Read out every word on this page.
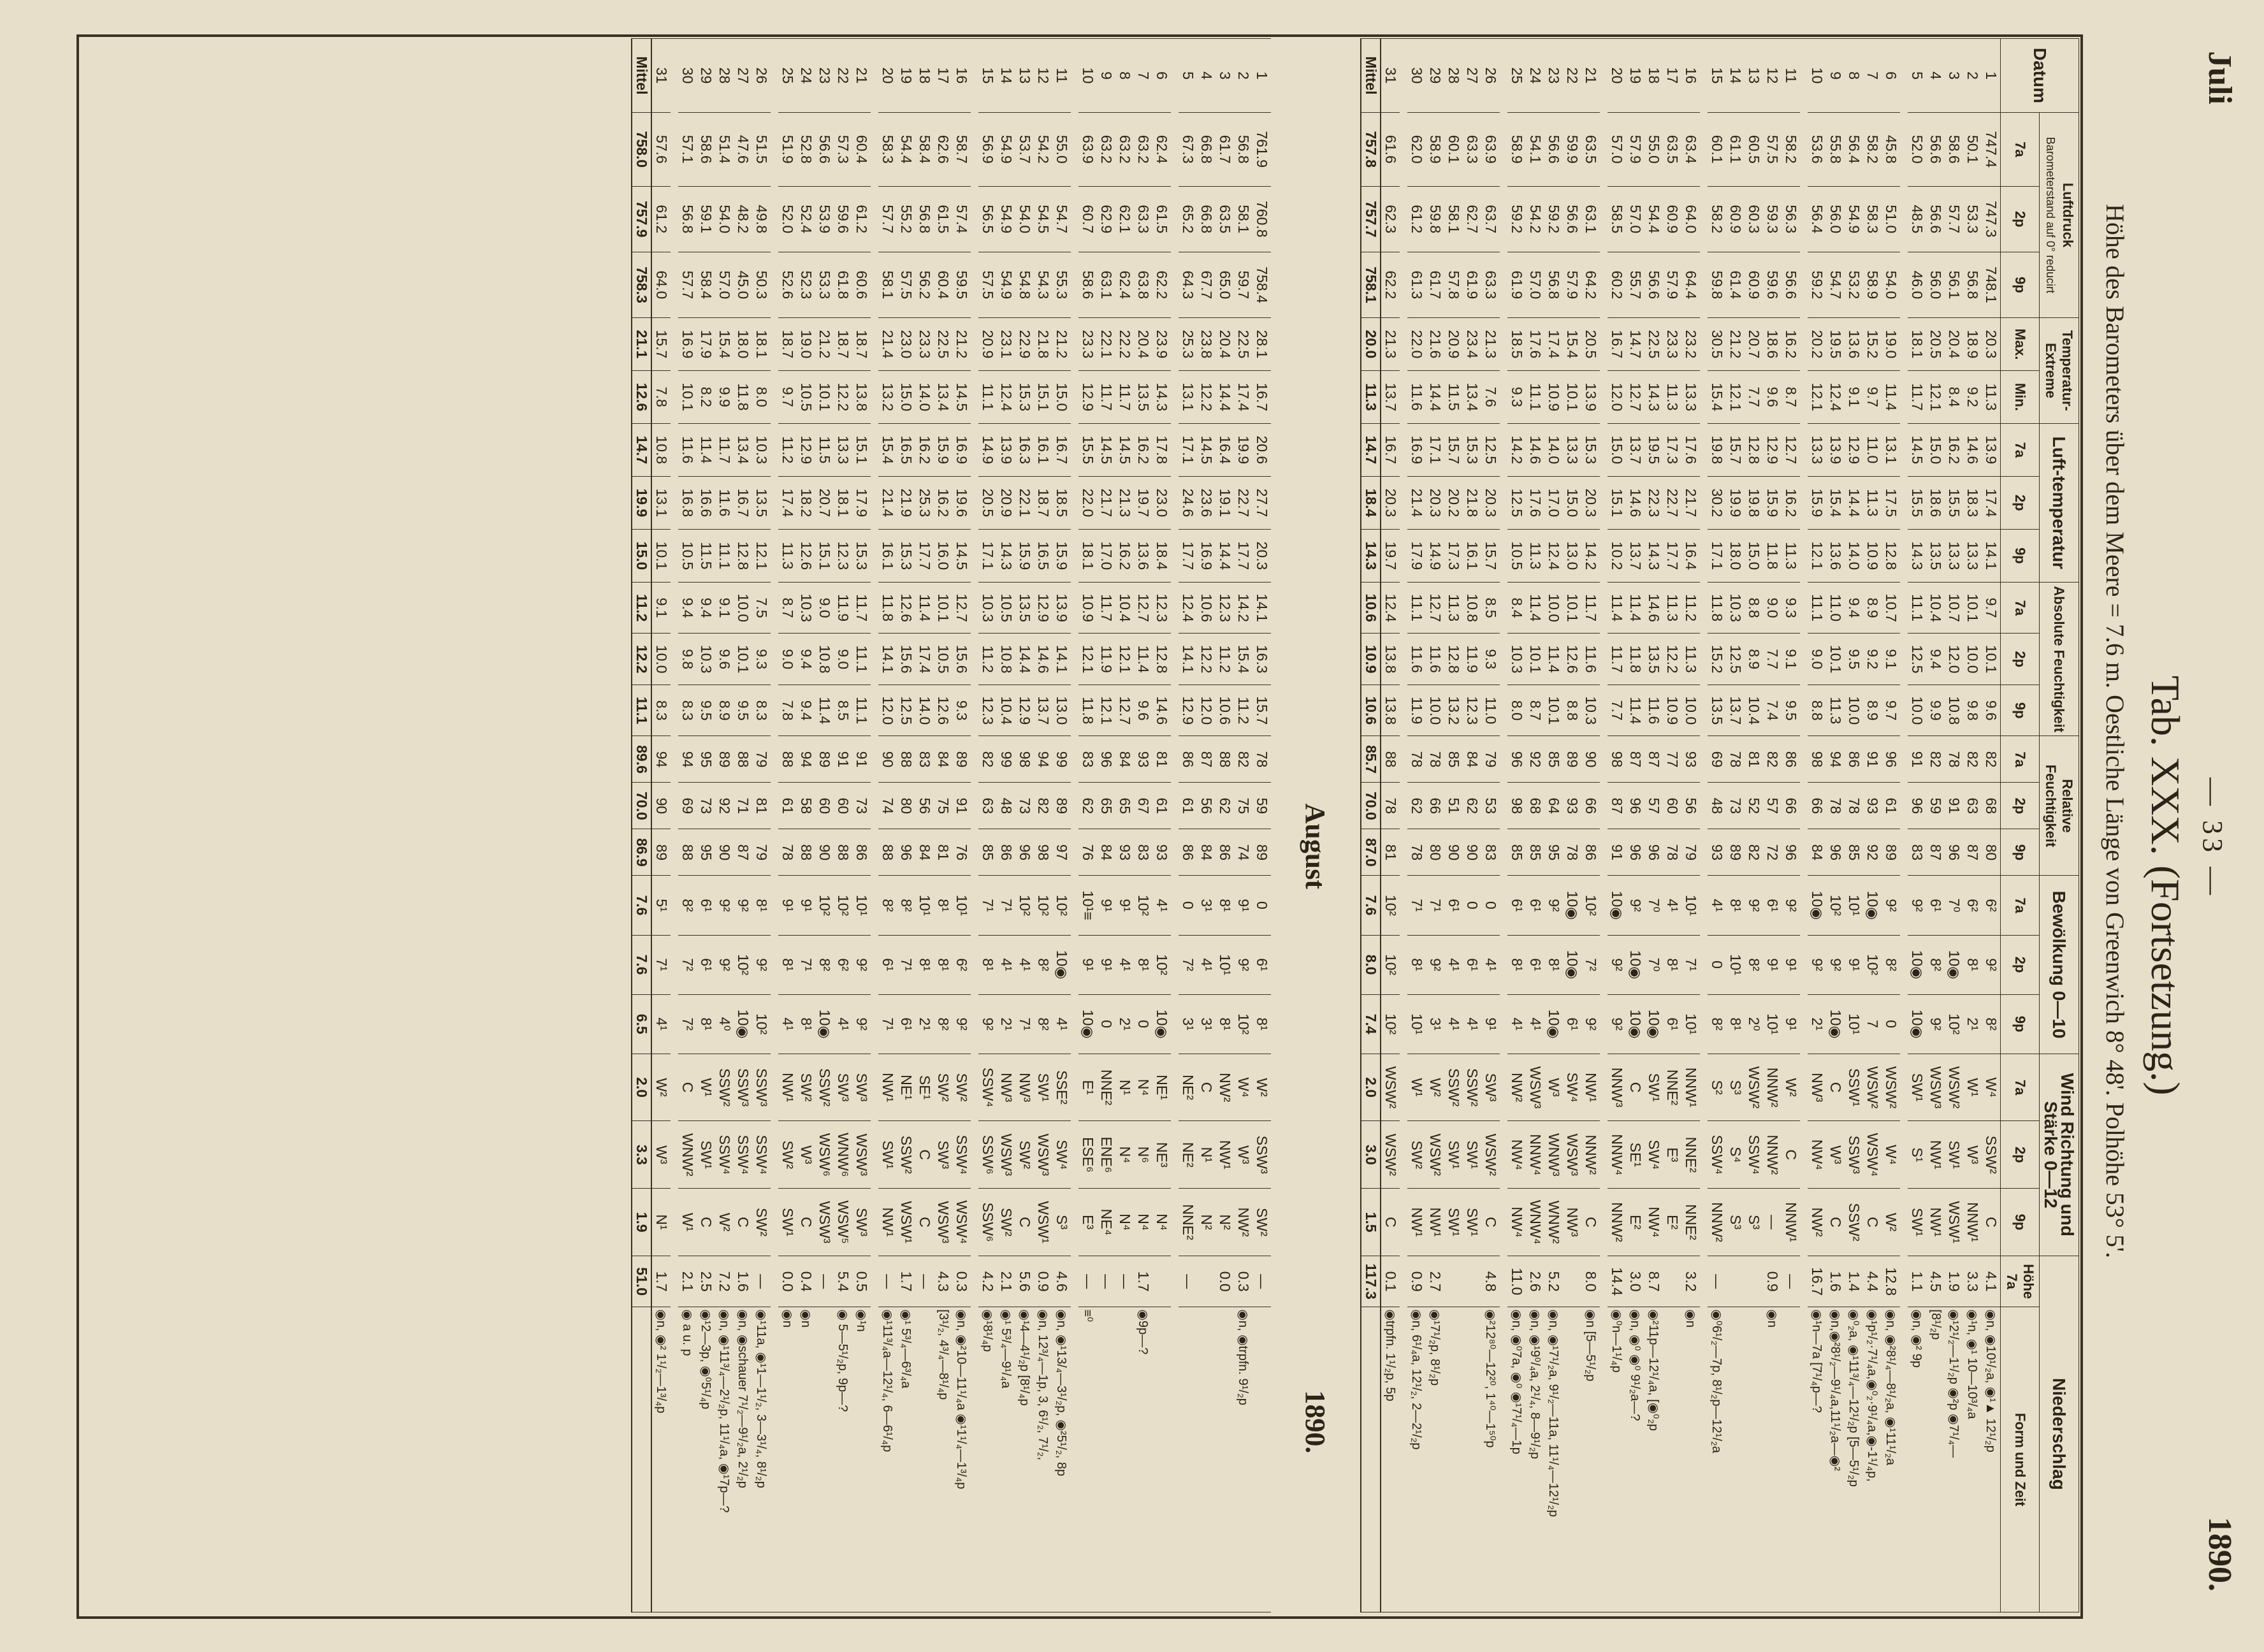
Juli
— 33 —
1890.
Tab. XXX. (Fortsetzung.)
Höhe des Barometers über dem Meere = 7.6 m. Oestliche Länge von Greenwich 8° 48'. Polhöhe 53° 5'.
Datum	Luftdruck
Barometerstand auf 0° reducirt			Temperatur-Extreme		Luft-temperatur			Absolute Feuchtigkeit			Relative Feuchtigkeit			Bewölkung 0—10			Wind Richtung und Stärke 0—12			Niederschlag	
	7a	2p	9p	Max.	Min.	7a	2p	9p	7a	2p	9p	7a	2p	9p	7a	2p	9p	7a	2p	9p	Höhe 7a	Form und Zeit
1	747.4	747.3	748.1	20.3	11.3	13.9	17.4	14.1	9.7	10.1	9.6	82	68	80	6²	9²	8²	W⁴	SSW²	C	4.1	◉n, ◉10¹/₂a, ◉¹▲ 12¹/₂p
2	50.1	53.3	56.8	18.9	9.2	14.6	18.3	13.3	10.1	10.0	9.8	82	63	87	6²	8¹	2¹	W¹	W³	NNW¹	3.3	◉¹n, ◉¹ 10—10³/₄a
3	58.6	57.7	56.1	20.4	8.4	16.2	15.5	13.3	10.7	12.0	10.8	78	91	96	7⁰	10◉	10²	WSW²	SW¹	WSW¹	1.9	◉¹2¹/₂—1¹/₂p ◉²p ◉7¹/₄—
4	56.6	56.6	56.0	20.5	12.1	15.0	18.6	13.5	10.4	9.4	9.9	82	59	87	6¹	8²	9²	WSW³	NW¹	NW¹	4.5	[8¹/₂p
5	52.0	48.5	46.0	18.1	11.7	14.5	15.5	14.3	11.1	12.5	10.0	91	96	83	9²	10◉	10◉	SW¹	S¹	SW¹	1.1	◉n, ◉² 9p

6	45.8	51.0	54.0	19.0	11.4	13.1	17.5	12.8	10.7	9.1	9.7	96	61	89	9²	8²	0	WSW²	W⁴	W²	12.8	◉n, ◉²8¹/₄—8¹/₂a, ◉¹11¹/₂a
7	58.2	58.3	58.9	15.2	9.7	11.0	11.3	10.9	8.9	9.2	8.9	91	93	92	10◉	10²	7	WSW²	WSW⁴	C	4.4	◉¹p¹/₂·7¹/₄a,◉⁰₂·9¹/₄a,◉-1¹/₄p,
8	56.4	54.9	53.2	13.6	9.1	12.9	14.4	14.0	9.4	9.5	10.0	86	78	85	10¹	9¹	10¹	SSW¹	SSW³	SSW²	1.4	◉⁰₂a, ◉¹11³/₄—12¹/₂p [5—5¹/₂p
9	55.8	56.0	54.7	19.5	12.4	13.9	15.4	13.6	11.0	10.1	11.3	94	78	96	10²	9²	10◉	C	W³	C	1.6	◉n,◉²8¹/₂—9¹/₄a,11¹/₂a—◉²
10	53.6	56.4	59.2	20.2	12.1	13.3	15.9	12.1	11.1	9.0	8.8	98	66	84	10◉	9²	2¹	NW³	NW⁴	NW²	16.7	◉¹n—7a [7¹/₄p—?

11	58.2	56.3	56.6	16.2	8.7	12.7	16.2	11.3	9.3	9.1	9.5	86	66	96	9²	9¹	9¹	W²	C	NNW¹	—	
12	57.5	59.3	59.6	18.6	9.6	12.9	15.9	11.8	9.0	7.7	7.4	82	57	72	6¹	9¹	10¹	NNW²	NNW²	—	0.9	◉n
13	60.5	60.3	60.9	20.7	7.7	12.8	19.8	15.0	8.8	8.9	10.4	81	52	82	9²	8²	2⁰	WSW²	SSW⁴	S³		
14	61.1	60.9	61.4	21.2	12.1	15.7	19.9	18.0	10.3	12.5	13.7	78	73	89	8¹	10¹	8¹	S³	S⁴	S³		
15	60.1	58.2	59.8	30.5	15.4	19.8	30.2	17.1	11.8	15.2	13.5	69	48	93	4¹	0	8²	S²	SSW⁴	NNW²	—	◉⁰6¹/₂—7p, 8¹/₂p—12¹/₂a

16	63.4	64.0	64.4	23.2	13.3	17.6	21.7	16.4	11.2	11.3	10.0	93	56	79	10¹	7¹	10¹	NNW¹	NNE²	NNE²	3.2	◉n
17	63.5	60.9	57.9	23.3	11.3	17.3	22.7	17.7	11.3	12.2	10.9	77	60	78	4¹	8¹	6¹	NNE²	E³	E²		
18	55.0	54.4	56.6	22.5	14.3	19.5	22.3	14.3	14.6	13.5	11.6	87	57	96	7⁰	7⁰	10◉	SW¹	SW⁴	NW⁴	8.7	◉²11p—12¹/₄a, [◉⁰₂p
19	57.9	57.0	55.7	14.7	12.7	13.7	14.6	13.7	11.4	11.8	11.4	87	96	96	9²	10◉	10◉	C	SE¹	E²	3.0	◉n, ◉⁰ ◉⁰ 9¹/₂a—?
20	57.0	58.5	60.2	16.7	12.0	15.0	15.1	10.2	11.4	11.7	7.7	98	87	91	10◉	9²	9²	NNW³	NNW⁴	NNW²	14.4	◉⁰n—1¹/₄p

21	63.5	63.1	64.2	20.5	13.9	15.3	20.3	14.2	11.7	11.6	10.3	90	66	86	10²	7²	9²	NW¹	NNW²	C	8.0	◉n [5—5¹/₂p
22	59.9	56.6	57.9	15.4	10.1	13.3	15.0	13.0	10.1	12.6	8.8	89	93	78	10◉	10◉	6¹	SW⁴	WSW³	NW³		
23	56.6	59.2	56.8	17.4	10.9	14.0	17.0	12.4	10.0	11.4	10.1	85	64	95	9²	8¹	10◉	W³	WNW³	WNW²	5.2	◉n, ◉¹7¹/₂a, 9¹/₂—11a, 11¹/₄—12¹/₂p
24	54.1	54.2	57.0	17.6	11.1	14.6	17.6	11.3	11.4	10.1	8.7	92	68	85	6¹	6¹	4¹	WSW³	NNW⁴	WNW⁴	2.6	◉n, ◉¹9⁰/₄a, 2¹/₄, 8—9¹/₂p
25	58.9	59.2	61.9	18.5	9.3	14.2	12.5	10.5	8.4	10.3	8.0	96	98	85	6¹	8¹	4¹	NW²	NW⁴	NW⁴	11.0	◉n, ◉⁰7a, ◉⁰ ◉¹7¹/₄—1p

26	63.9	63.7	63.3	21.3	7.6	12.5	20.3	15.7	8.5	9.3	11.0	79	53	83	0	4¹	9¹	SW³	WSW²	C	4.8	◉²12⁸⁰—12²⁰, 1⁴⁰—1⁵⁰p
27	63.3	62.7	61.9	23.4	13.4	15.3	21.8	16.1	10.8	11.9	12.3	84	62	90	0	6¹	4¹	SSW²	SW¹	SW¹		
28	60.1	58.1	57.8	20.9	11.5	15.7	20.2	17.3	11.3	12.8	13.2	85	51	90	6¹	4¹	4¹	SSW²	SW¹	SW¹		
29	58.9	59.8	61.7	21.6	14.4	17.1	20.3	14.9	12.7	11.6	10.0	78	66	80	7¹	9²	3¹	W²	WSW²	NW¹	2.7	◉¹7¹/₂p, 8¹/₂p
30	62.0	61.2	61.3	22.0	11.6	16.9	21.4	17.9	11.1	11.6	11.9	78	62	78	7¹	8¹	10¹	W¹	SW²	NW¹	0.9	◉n, 6¹/₄a, 12¹/₂, 2—2¹/₂p

31	61.6	62.3	62.2	21.3	13.7	16.7	20.3	19.7	12.4	13.8	13.8	88	78	81	10²	10²	10²	WSW²	WSW²	C	0.1	◉trpfn. 1¹/₂p, 5p
Mittel	757.8	757.7	758.1	20.0	11.3	14.7	18.4	14.3	10.6	10.9	10.6	85.7	70.0	87.0	7.6	8.0	7.4	2.0	3.0	1.5	117.3	
August 1890.																						
1	761.9	760.8	758.4	28.1	16.7	20.6	27.7	20.3	14.1	16.3	15.7	78	59	89	0	6¹	8¹	W²	SSW³	SW²	—	
2	56.8	58.1	59.7	22.5	17.4	19.9	22.7	17.7	14.2	15.4	11.2	82	75	74	9¹	9²	10²	W⁴	W³	NW²	0.3	◉n, ◉trpfn. 9¹/₂p
3	61.7	63.5	65.0	20.4	14.4	16.4	19.1	14.4	12.3	11.2	10.6	88	62	86	8¹	10¹	8¹	NW²	NW¹	N²	0.0	
4	66.8	66.8	67.7	23.8	12.2	14.5	23.6	16.9	10.6	12.2	12.0	87	56	84	3¹	4¹	3¹	C	N¹	N²		
5	67.3	65.2	64.3	25.3	13.1	17.1	24.6	17.7	12.4	14.1	12.9	86	61	86	0	7²	3¹	NE²	NE²	NNE²	—	

6	62.4	61.5	62.2	23.9	14.3	17.8	23.0	18.4	12.3	12.8	14.6	81	61	93	4¹	10²	10◉	NE¹	NE³	N⁴		
7	63.2	63.3	63.8	20.4	13.5	16.2	19.7	13.6	12.7	11.4	9.6	93	67	83	10²	8¹	0	N⁴	N⁶	N⁴	1.7	◉9p—?
8	63.2	62.1	62.4	22.2	11.7	14.5	21.3	16.2	10.4	12.1	12.7	84	65	93	9¹	4¹	2¹	N¹	N⁴	N⁴	—	
9	63.2	62.9	63.1	22.1	11.7	14.5	21.7	17.0	11.7	11.9	12.1	96	65	84	9¹	9¹	0	NNE²	ENE⁶	NE⁴	—	
10	63.9	60.7	58.6	23.3	12.9	15.5	22.0	18.1	10.9	12.1	11.8	83	62	76	10¹≡	9¹	10◉	E¹	ESE⁶	E³	—	≡⁰

11	55.0	54.7	55.3	21.2	15.0	16.7	18.5	15.9	13.9	14.1	13.0	99	89	97	10²	10◉	4¹	SSE²	SW⁴	S³	4.6	◉n, ◉¹13/₄—3¹/₂p, ◉²5¹/₂, 8p
12	54.2	54.5	54.3	21.8	15.1	16.1	18.7	16.5	12.9	14.6	13.7	94	82	98	10²	8²	8²	SW¹	WSW³	WSW¹	0.9	◉n, 12³/₄—1p, 3, 6¹/₂, 7¹/₂,
13	53.7	54.0	54.8	22.9	15.3	16.3	22.1	15.9	13.5	14.4	12.9	98	73	96	10²	4¹	7¹	NW³	SW²	C	5.6	◉¹4—4¹/₂p [8¹/₄p
14	54.9	54.9	54.9	23.1	12.4	13.9	20.9	14.3	10.5	10.8	10.4	99	48	86	7¹	4¹	2¹	NW³	WSW³	SW²	2.1	◉¹ 5³/₄—9¹/₄a
15	56.9	56.5	57.5	20.9	11.1	14.9	20.5	17.1	10.3	11.2	12.3	82	63	85	7¹	8¹	9²	SSW⁴	SSW⁶	SSW⁶	4.2	◉¹8¹/₄p

16	58.7	57.4	59.5	21.2	14.5	16.9	19.6	14.5	12.7	15.6	9.3	89	91	76	10¹	6²	9²	SW²	SSW⁴	WSW⁴	0.3	◉n, ◉²10—11¹/₄a ◉¹1¹/₄—1³/₄p
17	62.6	61.5	60.4	22.5	13.4	15.9	16.2	16.0	10.1	10.5	12.6	84	75	81	8¹	8¹	8²	SW²	SW³	WSW³	4.3	[3¹/₂, 4³/₄—8¹/₄p
18	58.4	56.8	56.2	23.3	14.0	16.2	25.3	17.7	11.4	17.4	14.0	83	56	84	10¹	8¹	2¹	SE¹	C	C	—	
19	54.4	55.2	57.5	23.0	15.0	16.5	21.9	15.3	12.6	15.6	12.5	88	80	96	8²	7¹	6¹	NE¹	SSW²	WSW¹	1.7	◉¹ 5³/₄—6³/₄a
20	58.3	57.7	58.1	21.4	13.2	15.4	21.4	16.1	11.8	14.1	12.0	90	74	88	8²	6¹	7¹	NW¹	SW¹	NW¹	—	◉¹11³/₄a—12¹/₄, 6—6¹/₄p

21	60.4	61.2	60.6	18.7	13.8	15.1	17.9	15.3	11.7	11.1	11.1	91	73	86	10¹	9²	9²	SW³	WSW³	SW³	0.5	◉¹n
22	57.3	59.6	61.8	18.7	12.2	13.3	18.1	12.3	11.9	9.0	8.5	91	60	88	10²	6²	4¹	SW³	WNW⁶	WSW⁵	5.4	◉ 5—5¹/₂p, 9p—?
23	56.6	53.9	53.3	21.2	10.1	11.5	20.7	15.1	9.0	10.8	11.4	89	60	90	10²	8²	10◉	SSW²	WSW⁶	WSW³	—	
24	52.8	52.4	52.3	19.0	10.5	12.9	18.2	12.6	10.3	9.4	9.4	94	58	88	9¹	7¹	8¹	SW²	W³	C	0.4	◉n
25	51.9	52.0	52.6	18.7	9.7	11.2	17.4	11.3	8.7	9.0	7.8	88	61	78	9¹	8¹	4¹	NW¹	SW²	SW¹	0.0	◉n

26	51.5	49.8	50.3	18.1	8.0	10.3	13.5	12.1	7.5	9.3	8.3	79	81	79	8¹	9²	10²	SSW³	SSW⁴	SW²	—	◉¹11a, ◉¹1—1¹/₂, 3—3¹/₄, 8¹/₂p
27	47.6	48.2	45.0	18.0	11.8	13.4	16.7	12.8	10.0	10.1	9.5	88	71	87	9²	10²	10◉	SSW³	SSW⁴	C	1.6	◉n, ◉schauer 7¹/₂—9¹/₂a, 2¹/₂p
28	51.4	54.0	57.0	15.4	9.9	11.7	11.6	11.1	9.1	9.6	8.9	89	92	90	9²	9²	4⁰	SSW²	SSW⁴	W²	7.2	◉n, ◉¹11³/₄—2¹/₂p, 11¹/₄a, ◉¹7p—?
29	58.6	59.1	58.4	17.9	8.2	11.4	16.6	11.5	9.4	10.3	9.5	95	73	95	6¹	6¹	8¹	W¹	SW¹	C	2.5	◉¹2—3p, ◉⁰5¹/₄p
30	57.1	56.8	57.7	16.9	10.1	11.6	16.8	10.5	9.4	9.8	8.3	94	69	88	8²	7²	7²	C	WNW²	W¹	2.1	◉ a u. p

31	57.6	61.2	64.0	15.7	7.8	10.8	13.1	10.1	9.1	10.0	8.3	94	90	89	5¹	7¹	4¹	W²	W³	N¹	1.7	◉n, ◉² 1¹/₂—1³/₄p
Mittel	758.0	757.9	758.3	21.1	12.6	14.7	19.9	15.0	11.2	12.2	11.1	89.6	70.0	86.9	7.6	7.6	6.5	2.0	3.3	1.9	51.0	
